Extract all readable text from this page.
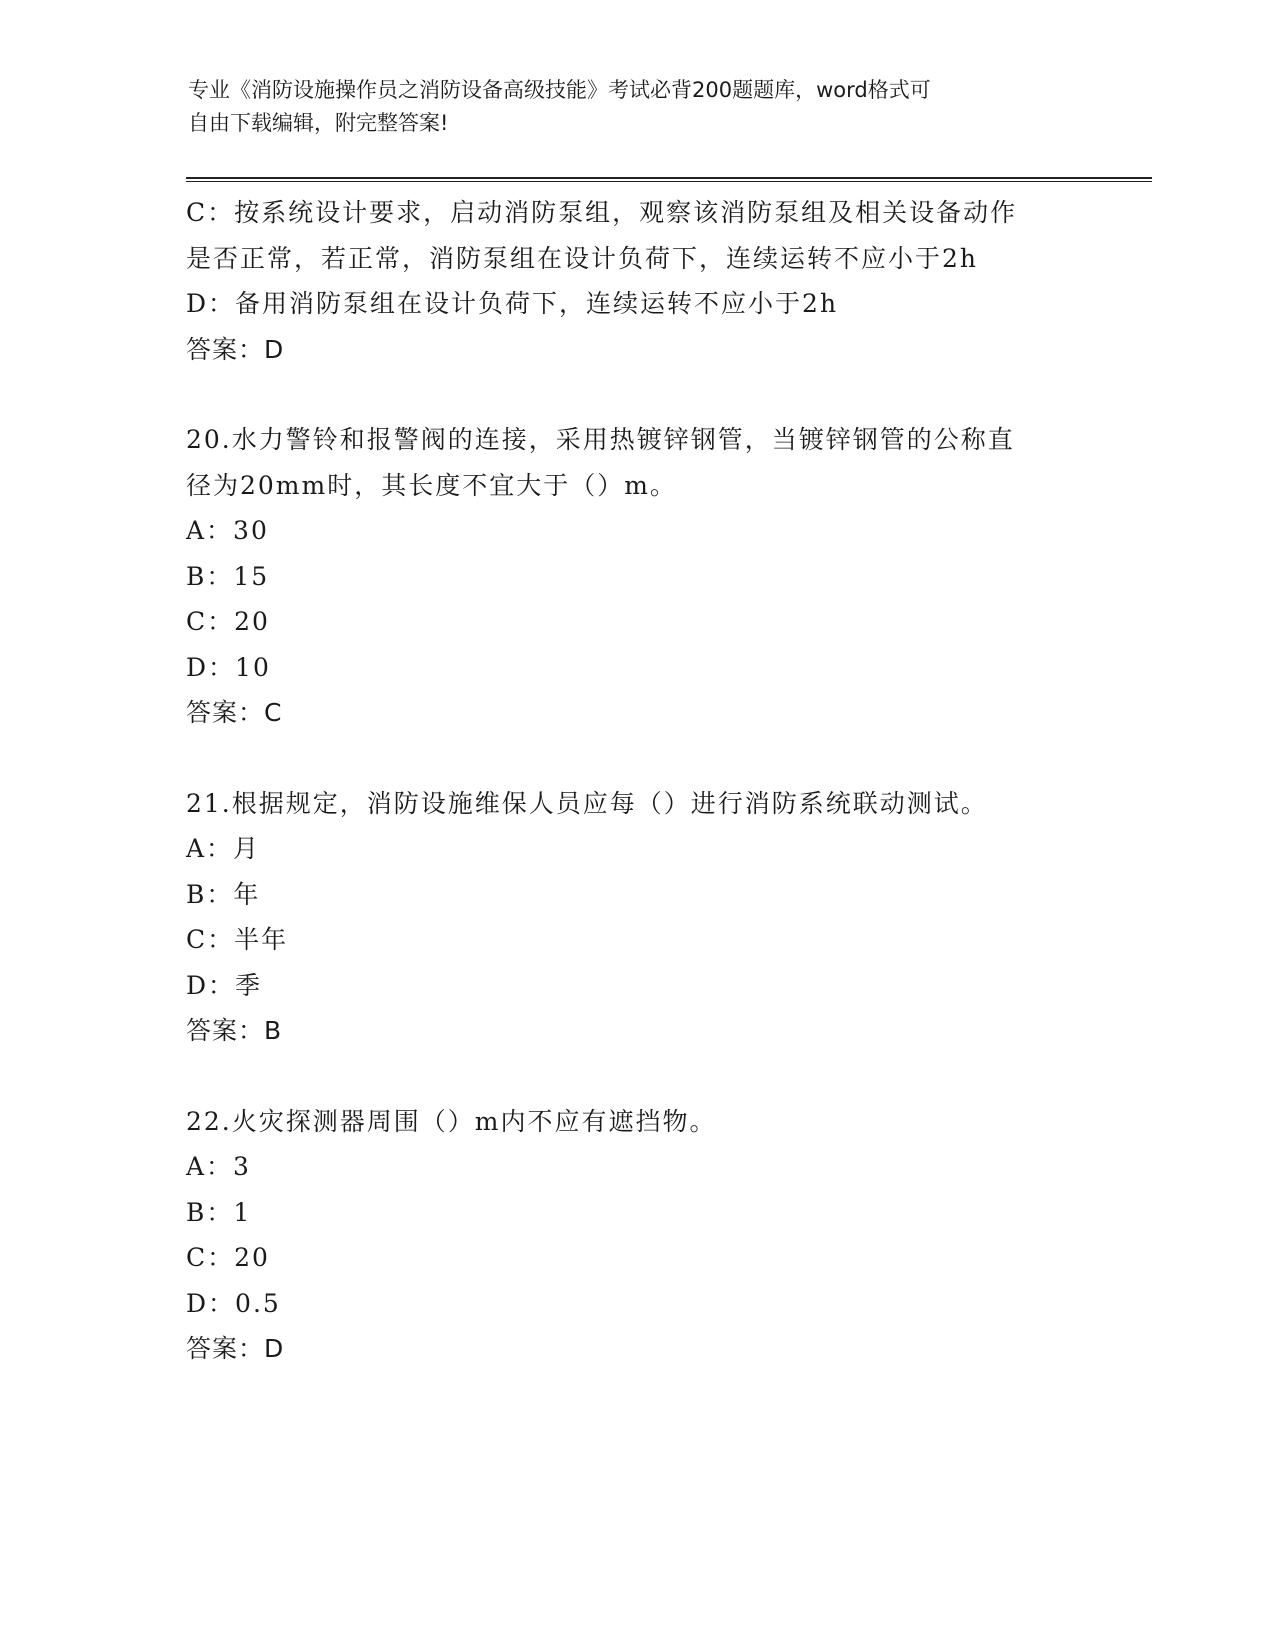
专业《消防设施操作员之消防设备高级技能》考试必背200题题库，word格式可
自由下载编辑，附完整答案!
C：按系统设计要求，启动消防泵组，观察该消防泵组及相关设备动作
是否正常，若正常，消防泵组在设计负荷下，连续运转不应小于2h
D：备用消防泵组在设计负荷下，连续运转不应小于2h
答案：D
20.水力警铃和报警阀的连接，采用热镀锌钢管，当镀锌钢管的公称直
径为20mm时，其长度不宜大于（）m。
A：30
B：15
C：20
D：10
答案：C
21.根据规定，消防设施维保人员应每（）进行消防系统联动测试。
A：月
B：年
C：半年
D：季
答案：B
22.火灾探测器周围（）m内不应有遮挡物。
A：3
B：1
C：20
D：0.5
答案：D
